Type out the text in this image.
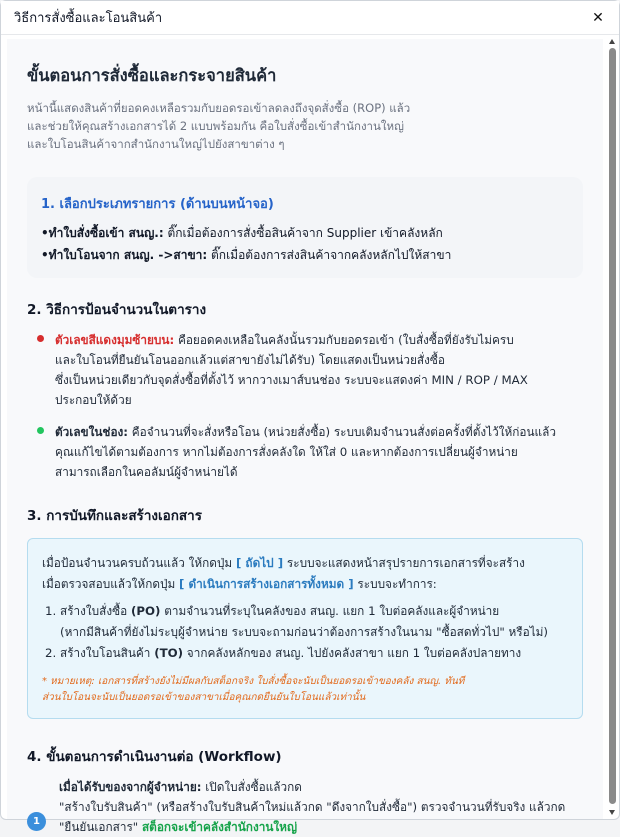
วิธีการสั่งซื้อและโอนสินค้า	✕
ขั้นตอนการสั่งซื้อและกระจายสินค้า

หน้านี้แสดงสินค้าที่ยอดคงเหลือรวมกับยอดรอเข้าลดลงถึงจุดสั่งซื้อ (ROP) แล้ว
และช่วยให้คุณสร้างเอกสารได้ 2 แบบพร้อมกัน คือใบสั่งซื้อเข้าสำนักงานใหญ่
และใบโอนสินค้าจากสำนักงานใหญ่ไปยังสาขาต่าง ๆ

1. เลือกประเภทรายการ (ด้านบนหน้าจอ)
•ทำใบสั่งซื้อเข้า สนญ.: ติ๊กเมื่อต้องการสั่งซื้อสินค้าจาก Supplier เข้าคลังหลัก
•ทำใบโอนจาก สนญ. ->สาขา: ติ๊กเมื่อต้องการส่งสินค้าจากคลังหลักไปให้สาขา
2. วิธีการป้อนจำนวนในตาราง
ตัวเลขสีแดงมุมซ้ายบน: คือยอดคงเหลือในคลังนั้นรวมกับยอดรอเข้า (ใบสั่งซื้อที่ยังรับไม่ครบ
และใบโอนที่ยืนยันโอนออกแล้วแต่สาขายังไม่ได้รับ) โดยแสดงเป็นหน่วยสั่งซื้อ
ซึ่งเป็นหน่วยเดียวกับจุดสั่งซื้อที่ตั้งไว้ หากวางเมาส์บนช่อง ระบบจะแสดงค่า MIN / ROP / MAX
ประกอบให้ด้วย
ตัวเลขในช่อง: คือจำนวนที่จะสั่งหรือโอน (หน่วยสั่งซื้อ) ระบบเติมจำนวนสั่งต่อครั้งที่ตั้งไว้ให้ก่อนแล้ว
คุณแก้ไขได้ตามต้องการ หากไม่ต้องการสั่งคลังใด ให้ใส่ 0 และหากต้องการเปลี่ยนผู้จำหน่าย
สามารถเลือกในคอลัมน์ผู้จำหน่ายได้
3. การบันทึกและสร้างเอกสาร
เมื่อป้อนจำนวนครบถ้วนแล้ว ให้กดปุ่ม [ ถัดไป ] ระบบจะแสดงหน้าสรุปรายการเอกสารที่จะสร้าง
เมื่อตรวจสอบแล้วให้กดปุ่ม [ ดำเนินการสร้างเอกสารทั้งหมด ] ระบบจะทำการ:
1. สร้างใบสั่งซื้อ (PO) ตามจำนวนที่ระบุในคลังของ สนญ. แยก 1 ใบต่อคลังและผู้จำหน่าย
(หากมีสินค้าที่ยังไม่ระบุผู้จำหน่าย ระบบจะถามก่อนว่าต้องการสร้างในนาม "ซื้อสดทั่วไป" หรือไม่)
2. สร้างใบโอนสินค้า (TO) จากคลังหลักของ สนญ. ไปยังคลังสาขา แยก 1 ใบต่อคลังปลายทาง
* หมายเหตุ: เอกสารที่สร้างยังไม่มีผลกับสต็อกจริง ใบสั่งซื้อจะนับเป็นยอดรอเข้าของคลัง สนญ. ทันที
ส่วนใบโอนจะนับเป็นยอดรอเข้าของสาขาเมื่อคุณกดยืนยันใบโอนแล้วเท่านั้น
4. ขั้นตอนการดำเนินงานต่อ (Workflow)
1
เมื่อได้รับของจากผู้จำหน่าย: เปิดใบสั่งซื้อแล้วกด
"สร้างใบรับสินค้า" (หรือสร้างใบรับสินค้าใหม่แล้วกด "ดึงจากใบสั่งซื้อ") ตรวจจำนวนที่รับจริง แล้วกด
"ยืนยันเอกสาร" สต็อกจะเข้าคลังสำนักงานใหญ่
